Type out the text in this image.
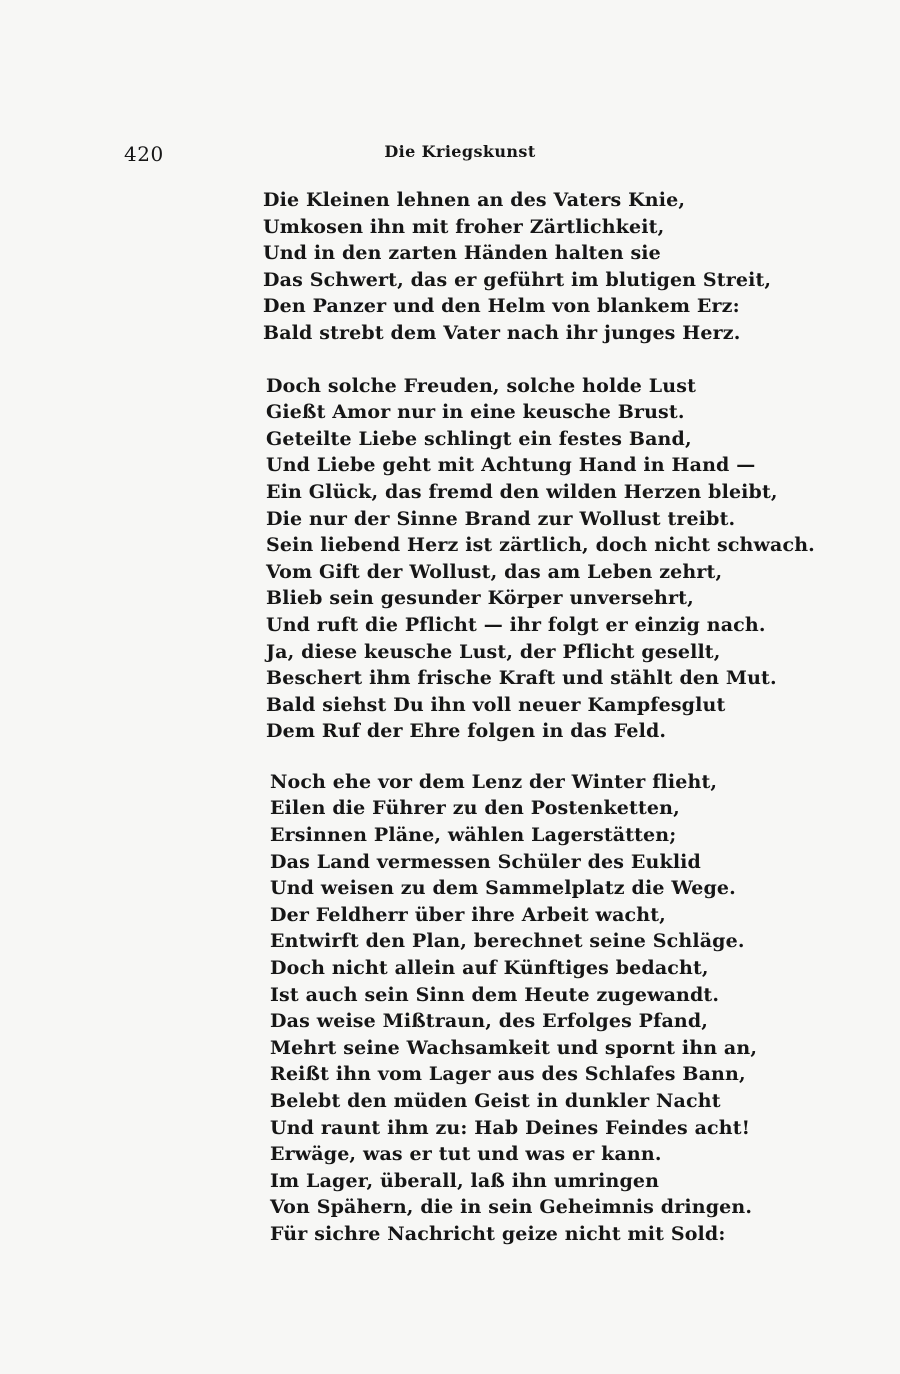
420	Die Kriegskunst
Die Kleinen lehnen an des Vaters Knie,
Umkosen ihn mit froher Zärtlichkeit,
Und in den zarten Händen halten sie
Das Schwert, das er geführt im blutigen Streit,
Den Panzer und den Helm von blankem Erz:
Bald strebt dem Vater nach ihr junges Herz.
Doch solche Freuden, solche holde Lust
Gießt Amor nur in eine keusche Brust.
Geteilte Liebe schlingt ein festes Band,
Und Liebe geht mit Achtung Hand in Hand —
Ein Glück, das fremd den wilden Herzen bleibt,
Die nur der Sinne Brand zur Wollust treibt.
Sein liebend Herz ist zärtlich, doch nicht schwach.
Vom Gift der Wollust, das am Leben zehrt,
Blieb sein gesunder Körper unversehrt,
Und ruft die Pflicht — ihr folgt er einzig nach.
Ja, diese keusche Lust, der Pflicht gesellt,
Beschert ihm frische Kraft und stählt den Mut.
Bald siehst Du ihn voll neuer Kampfesglut
Dem Ruf der Ehre folgen in das Feld.
Noch ehe vor dem Lenz der Winter flieht,
Eilen die Führer zu den Postenketten,
Ersinnen Pläne, wählen Lagerstätten;
Das Land vermessen Schüler des Euklid
Und weisen zu dem Sammelplatz die Wege.
Der Feldherr über ihre Arbeit wacht,
Entwirft den Plan, berechnet seine Schläge.
Doch nicht allein auf Künftiges bedacht,
Ist auch sein Sinn dem Heute zugewandt.
Das weise Mißtraun, des Erfolges Pfand,
Mehrt seine Wachsamkeit und spornt ihn an,
Reißt ihn vom Lager aus des Schlafes Bann,
Belebt den müden Geist in dunkler Nacht
Und raunt ihm zu: Hab Deines Feindes acht!
Erwäge, was er tut und was er kann.
Im Lager, überall, laß ihn umringen
Von Spähern, die in sein Geheimnis dringen.
Für sichre Nachricht geize nicht mit Sold:
